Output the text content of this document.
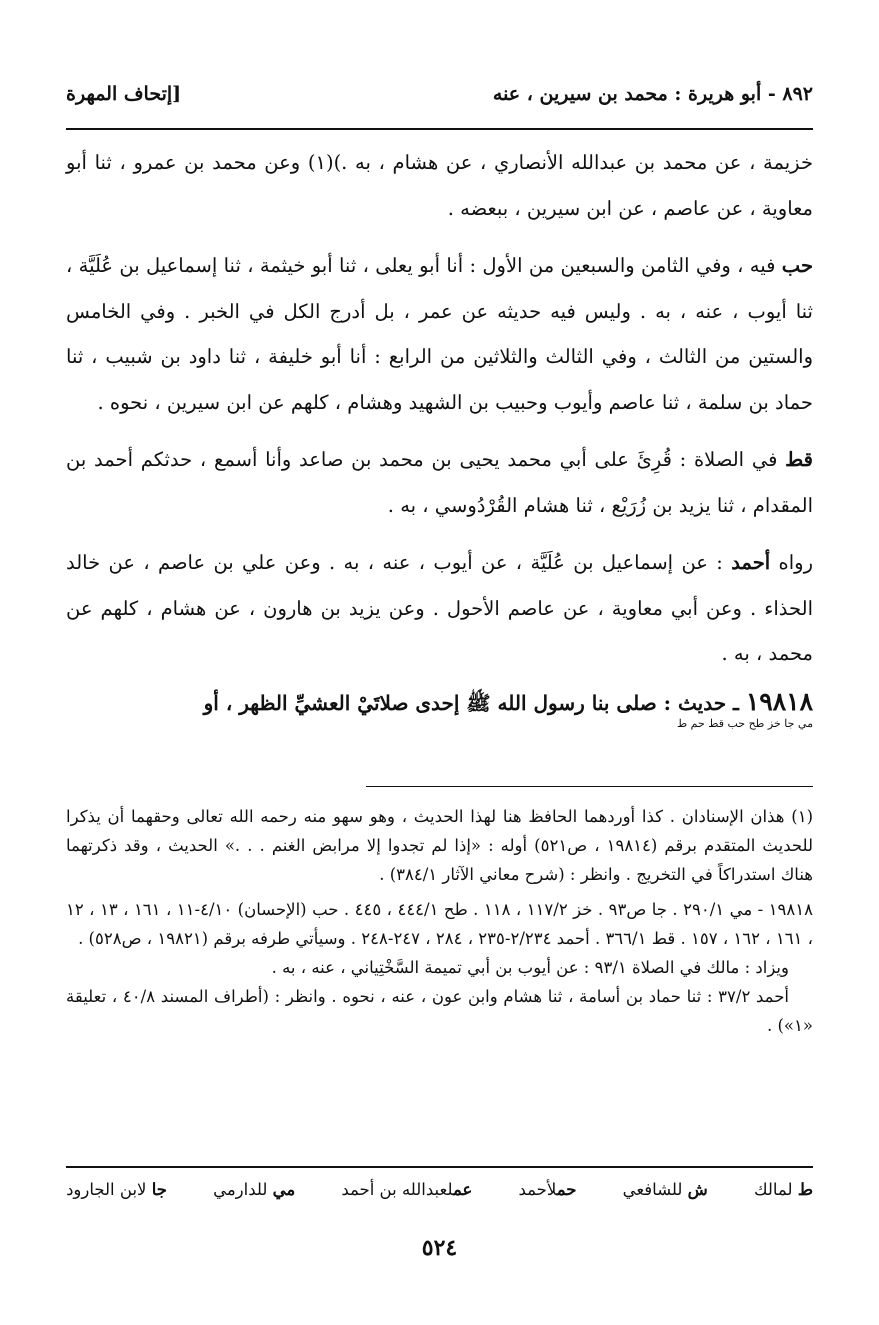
٨٩٢ - أبو هريرة : محمد بن سيرين ، عنه
[إتحاف المهرة

خزيمة ، عن محمد بن عبدالله الأنصاري ، عن هشام ، به .)(١) وعن محمد بن عمرو ، ثنا أبو معاوية ، عن عاصم ، عن ابن سيرين ، ببعضه .

حب فيه ، وفي الثامن والسبعين من الأول : أنا أبو يعلى ، ثنا أبو خيثمة ، ثنا إسماعيل بن عُلَيَّة ، ثنا أيوب ، عنه ، به . وليس فيه حديثه عن عمر ، بل أدرج الكل في الخبر . وفي الخامس والستين من الثالث ، وفي الثالث والثلاثين من الرابع : أنا أبو خليفة ، ثنا داود بن شبيب ، ثنا حماد بن سلمة ، ثنا عاصم وأيوب وحبيب بن الشهيد وهشام ، كلهم عن ابن سيرين ، نحوه .

قط في الصلاة : قُرِئَ على أبي محمد يحيى بن محمد بن صاعد وأنا أسمع ، حدثكم أحمد بن المقدام ، ثنا يزيد بن زُرَيْع ، ثنا هشام القُرْدُوسي ، به .

رواه أحمد : عن إسماعيل بن عُلَيَّة ، عن أيوب ، عنه ، به . وعن علي بن عاصم ، عن خالد الحذاء . وعن أبي معاوية ، عن عاصم الأحول . وعن يزيد بن هارون ، عن هشام ، كلهم عن محمد ، به .

١٩٨١٨ ـ حديث : صلى بنا رسول الله ﷺ إحدى صلاتَيْ العشيِّ الظهر ، أو
مي جا خز طح حب قط حم ط

(١) هذان الإسنادان . كذا أوردهما الحافظ هنا لهذا الحديث ، وهو سهو منه رحمه الله تعالى وحقهما أن يذكرا للحديث المتقدم برقم (١٩٨١٤ ، ص٥٢١) أوله : «إذا لم تجدوا إلا مرابض الغنم . . .» الحديث ، وقد ذكرتهما هناك استدراكاً في التخريج . وانظر : (شرح معاني الآثار ٣٨٤/١) .

١٩٨١٨ - مي ٢٩٠/١ . جا ص٩٣ . خز ١١٧/٢ ، ١١٨ . طح ٤٤٤/١ ، ٤٤٥ . حب (الإحسان) ٤/١٠-١١ ، ١٦١ ، ١٣ ، ١٢ ، ١٦١ ، ١٦٢ ، ١٥٧ . قط ٣٦٦/١ . أحمد ٢/٢٣٤-٢٣٥ ، ٢٨٤ ، ٢٤٧-٢٤٨ . وسيأتي طرفه برقم (١٩٨٢١ ، ص٥٢٨) .

ويزاد : مالك في الصلاة ٩٣/١ : عن أيوب بن أبي تميمة السَّخْتِياني ، عنه ، به .

أحمد ٣٧/٢ : ثنا حماد بن أسامة ، ثنا هشام وابن عون ، عنه ، نحوه . وانظر : (أطراف المسند ٤٠/٨ ، تعليقة «١») .

ط لمالك
ش للشافعي
حملأحمد
عملعبدالله بن أحمد
مي للدارمي
جا لابن الجارود
٥٢٤
